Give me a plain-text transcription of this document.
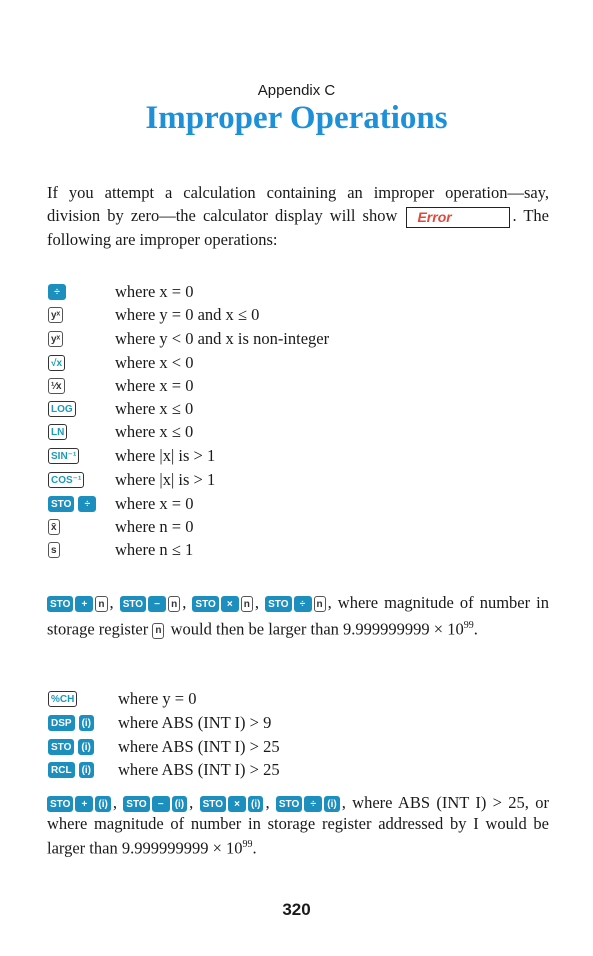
Appendix C
Improper Operations
If you attempt a calculation containing an improper operation—say, division by zero—the calculator display will show Error	. The following are improper operations:
÷	where x = 0
yˣ	where y = 0 and x ≤ 0
yˣ	where y < 0 and x is non-integer
√x	where x < 0
¹⁄x	where x = 0
LOG	where x ≤ 0
LN	where x ≤ 0
SIN⁻¹ where |x| is > 1
COS⁻¹ where |x| is > 1
STO	÷	where x = 0
x̄	where n = 0
s	where n ≤ 1
STO + n , STO − n , STO × n , STO ÷ n , where magnitude of number in storage register n would then be larger than $9.999999999 \times 10^{99}$.
%CH	where y = 0
DSP	(i) where ABS (INT I) > 9
STO	(i) where ABS (INT I) > 25
RCL	(i) where ABS (INT I) > 25
STO + (i) , STO − (i) , STO × (i) , STO ÷ (i) , where ABS (INT I) > 25, or where magnitude of number in storage register addressed by I would be larger than $9.999999999 \times 10^{99}$.
320
